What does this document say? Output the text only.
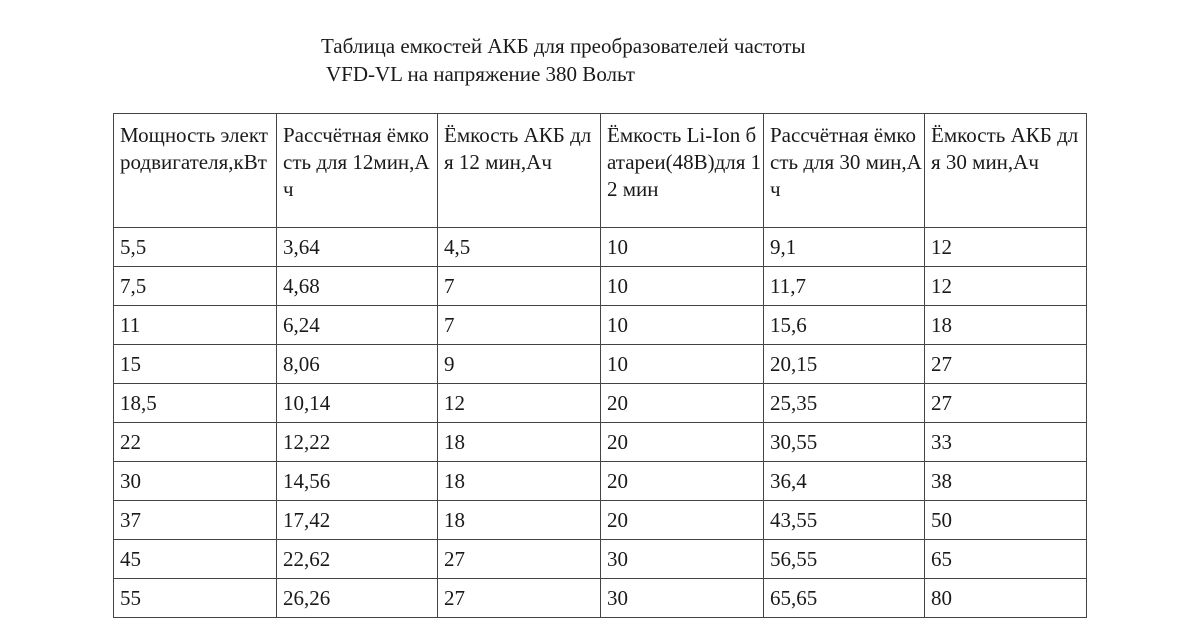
Таблица емкостей АКБ для преобразователей частоты
VFD-VL на напряжение 380 Вольт
Мощность электродвигателя,кВт	Рассчётная ёмкость для 12мин,Ач	Ёмкость АКБ для 12 мин,Ач	Ёмкость Li-Ion батареи(48В)для 12 мин	Рассчётная ёмкость для 30 мин,Ач	Ёмкость АКБ для 30 мин,Ач
5,5	3,64	4,5	10	9,1	12
7,5	4,68	7	10	11,7	12
11	6,24	7	10	15,6	18
15	8,06	9	10	20,15	27
18,5	10,14	12	20	25,35	27
22	12,22	18	20	30,55	33
30	14,56	18	20	36,4	38
37	17,42	18	20	43,55	50
45	22,62	27	30	56,55	65
55	26,26	27	30	65,65	80
